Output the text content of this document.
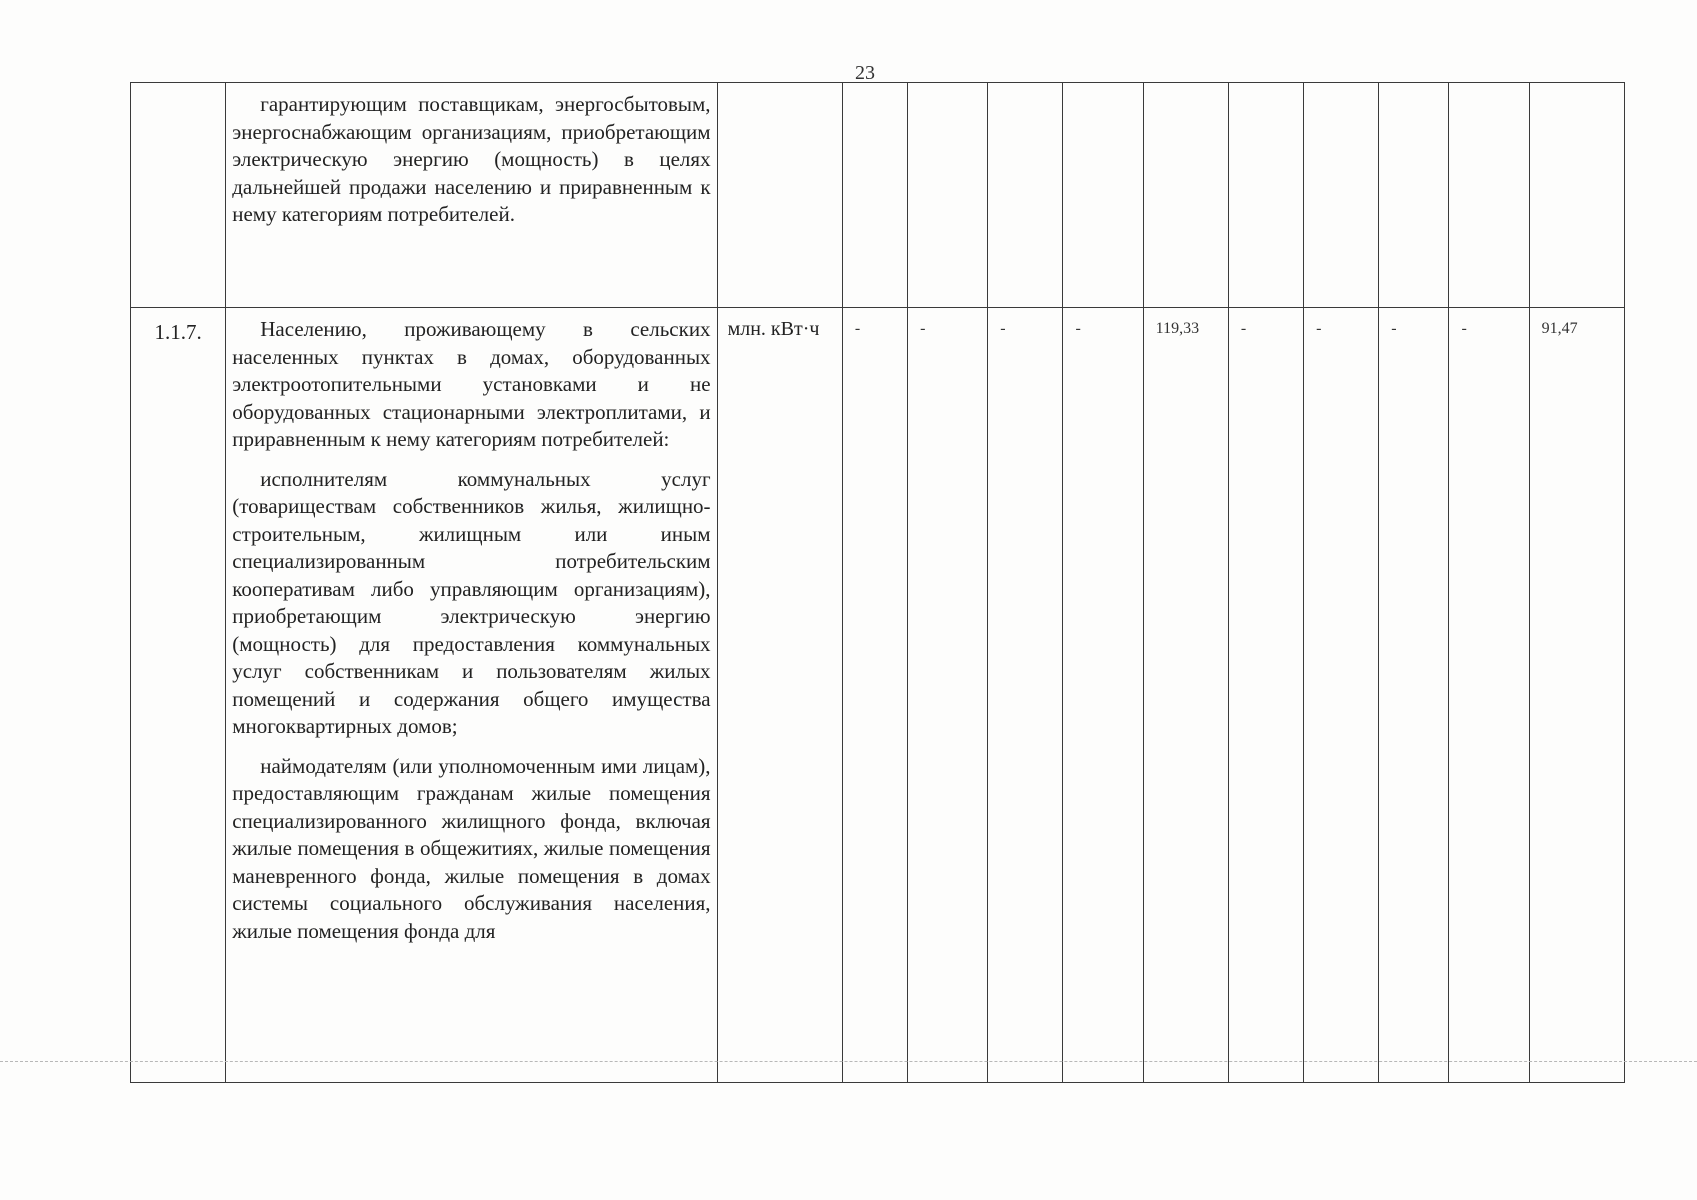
23

	гарантирующим поставщикам, энергосбытовым, энергоснабжающим организациям, приобретающим электрическую энергию (мощность) в целях дальнейшей продажи населению и приравненным к нему категориям потребителей.											

1.1.7.	Населению, проживающему в сельских населенных пунктах в домах, оборудованных электроотопительными установками и не оборудованных стационарными электроплитами, и приравненным к нему категориям потребителей:

исполнителям коммунальных услуг (товариществам собственников жилья, жилищно-строительным, жилищным или иным специализированным потребительским кооперативам либо управляющим организациям), приобретающим электрическую энергию (мощность) для предоставления коммунальных услуг собственникам и пользователям жилых помещений и содержания общего имущества многоквартирных домов;

наймодателям (или уполномоченным ими лицам), предоставляющим гражданам жилые помещения специализированного жилищного фонда, включая жилые помещения в общежитиях, жилые помещения маневренного фонда, жилые помещения в домах системы социального обслуживания населения, жилые помещения фонда для	млн. кВт·ч	-	-	-	-	119,33	-	-	-	-	91,47
